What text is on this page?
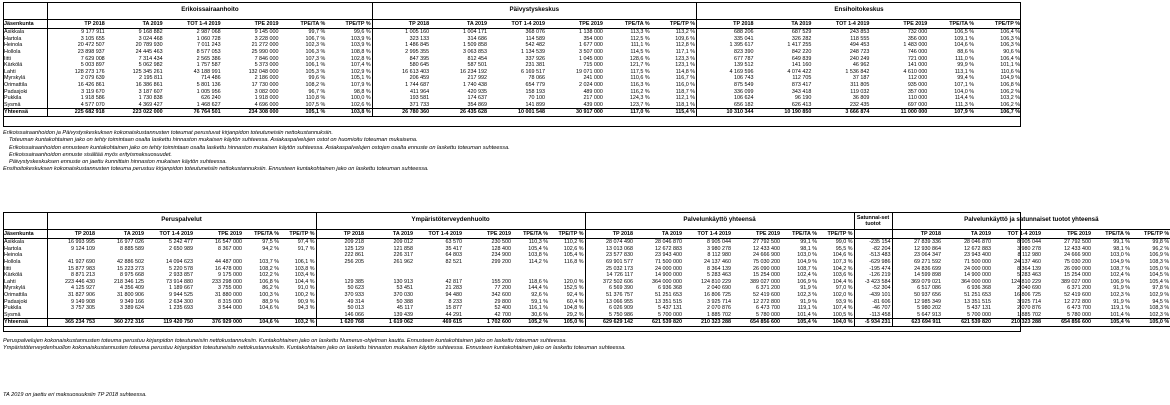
	Erikoissairaanhoito						Päivystyskeskus						Ensihoitokeskus					
Jäsenkunta	TP 2018	TA 2019	TOT 1-4 2019	TPE 2019	TPE/TA %	TPE/TP %	TP 2018	TA 2019	TOT 1-4 2019	TPE 2019	TPE/TA %	TPE/TP %	TP 2018	TA 2019	TOT 1-4 2019	TPE 2019	TPE/TA %	TPE/TP %
Asikkala	9 177 911	9 168 882	2 987 068	9 145 000	99,7 %	99,6 %	1 005 160	1 004 171	368 076	1 138 000	113,3 %	113,2 %	688 206	687 529	243 853	732 000	106,5 %	106,4 %
Hartola	3 105 655	3 024 468	1 060 728	3 228 000	106,7 %	103,9 %	323 133	314 686	114 589	354 000	112,5 %	109,6 %	335 041	326 282	118 555	356 000	109,1 %	106,3 %
Heinola	20 472 507	20 789 930	7 011 243	21 272 000	102,3 %	103,9 %	1 486 845	1 509 858	542 482	1 677 000	111,1 %	112,8 %	1 395 617	1 417 255	494 453	1 483 000	104,6 %	106,3 %
Hollola	23 898 937	24 445 463	8 577 053	25 990 000	106,3 %	108,8 %	2 995 355	3 063 853	1 134 539	3 507 000	114,5 %	117,1 %	823 390	842 220	248 723	746 000	88,6 %	90,6 %
Iitti	7 629 008	7 314 434	2 565 386	7 846 000	107,3 %	102,8 %	847 395	812 454	337 926	1 045 000	128,6 %	123,3 %	677 787	649 839	240 249	721 000	111,0 %	106,4 %
Kärkölä	5 003 897	5 062 982	1 757 587	5 373 000	106,1 %	107,4 %	580 645	587 501	231 381	715 000	121,7 %	123,1 %	139 512	141 160	46 962	141 000	99,9 %	101,1 %
Lahti	128 273 176	125 345 261	43 188 991	132 048 000	105,3 %	102,9 %	16 613 403	16 234 192	6 169 517	19 071 000	117,5 %	114,8 %	4 169 596	4 074 422	1 536 842	4 610 000	113,1 %	110,6 %
Myrskylä	2 079 639	2 195 811	714 486	2 186 000	99,6 %	105,1 %	206 459	217 992	78 066	241 000	110,6 %	116,7 %	106 743	112 705	37 187	112 000	99,4 %	104,9 %
Orimattila	16 426 861	16 386 861	5 801 136	17 730 000	108,2 %	107,9 %	1 744 687	1 740 438	654 779	2 024 000	116,3 %	116,0 %	875 549	873 417	311 805	935 000	107,1 %	106,8 %
Padasjoki	3 119 670	3 187 607	1 005 956	3 082 000	96,7 %	98,8 %	411 964	420 935	158 193	489 000	116,2 %	118,7 %	336 099	343 418	119 032	357 000	104,0 %	106,2 %
Pukkila	1 918 586	1 730 838	626 240	1 918 000	110,8 %	100,0 %	193 581	174 637	70 100	217 000	124,3 %	112,1 %	106 624	96 190	36 809	110 000	114,4 %	103,2 %
Sysmä	4 577 070	4 369 427	1 468 627	4 696 000	107,5 %	102,6 %	371 733	354 869	141 899	439 000	123,7 %	118,1 %	656 182	626 413	232 435	697 000	111,3 %	106,2 %
Yhteensä	225 682 918	223 022 000	76 764 501	234 308 000	105,1 %	103,8 %	26 780 360	26 435 628	10 001 548	30 917 000	117,0 %	115,4 %	10 310 344	10 190 850	3 666 874	11 000 000	107,9 %	106,7 %
Erikoissairaanhoidon ja Päivystyskeskuksen kokonaiskustannusten toteumat perustuvat kirjanpidon toteutuneisiin nettokustannuksiin.
Toteuman kuntakohtainen jako on tehty toimintaan osalta laskettu hinnaston mukaisen käytön suhteessa. Asiakaspalvelujen ostot on huomioitu toteuman mukaisena.
Erikoissairaanhoidon ennusteen kuntakohtainen jako on tehty toimintaan osalta laskettu hinnaston mukaisen käytön suhteessa. Asiakaspalvelujen ostojen osalta ennuste on laskettu toteuman suhteessa.
Erikoissairaanhoidon ennuste sisältää myös erityismaksuosuudet.
Päivystyskeskuksen ennuste on jaettu kunnittain hinnaston mukaisen käytön suhteessa.
Ensihoitokeskuksen kokonaiskustannusten toteuma perustuu kirjanpidon toteutuneisiin nettokustannuksiin. Ennusteen kuntakohtainen jako on laskettu toteuman suhteessa.
	Peruspalvelut						Ympäristöterveydenhuolto						Palvelunkäyttö yhteensä						Satunnai-set tuotot	Palvelunkäyttö ja satunnaiset tuotot yhteensä					
Jäsenkunta	TP 2018	TA 2019	TOT 1-4 2019	TPE 2019	TPE/TA %	TPE/TP %	TP 2018	TA 2019	TOT 1-4 2019	TPE 2019	TPE/TA %	TPE/TP %	TP 2018	TA 2019	TOT 1-4 2019	TPE 2019	TPE/TA %	TPE/TP %		TP 2018	TA 2019	TOT 1-4 2019	TPE 2019	TPE/TA %	TPE/TP %
Asikkala	16 993 995	16 977 026	5 242 477	16 547 000	97,5 %	97,4 %	209 218	209 012	63 570	230 500	110,3 %	110,2 %	28 074 490	28 046 870	8 905 044	27 792 500	99,1 %	99,0 %	-235 154	27 839 336	28 046 870	8 905 044	27 792 500	99,1 %	99,8 %
Hartola	9 124 109	8 885 589	2 650 989	8 367 000	94,2 %	91,7 %	125 129	121 858	35 417	128 400	105,4 %	102,6 %	13 013 068	12 672 883	3 980 278	12 433 400	98,1 %	95,5 %	-82 204	12 930 864	12 672 883	3 980 278	12 433 400	98,1 %	96,2 %
Heinola							222 861	226 317	64 803	234 900	103,8 %	105,4 %	23 577 830	23 943 400	8 112 980	24 666 900	103,0 %	104,6 %	-513 483	23 064 347	23 943 400	8 112 980	24 666 900	103,0 %	106,9 %
Hollola	41 927 690	42 886 502	14 094 623	44 487 000	103,7 %	106,1 %	256 205	261 962	82 521	299 200	114,2 %	116,8 %	69 901 577	71 500 000	24 137 460	75 030 200	104,9 %	107,3 %	-629 986	69 271 592	71 500 000	24 137 460	75 030 200	104,9 %	108,3 %
Iitti	15 877 983	15 223 273	5 220 578	16 478 000	108,2 %	103,8 %							25 032 173	24 000 000	8 364 139	26 090 000	108,7 %	104,2 %	-195 474	24 836 699	24 000 000	8 364 139	26 090 000	108,7 %	105,0 %
Kärkölä	8 871 213	8 975 668	2 933 857	9 175 000	102,2 %	103,4 %							14 726 117	14 900 000	5 283 463	15 254 000	102,4 %	103,6 %	-126 219	14 599 898	14 900 000	5 283 463	15 254 000	102,4 %	104,5 %
Lahti	223 446 430	218 346 125	73 914 880	233 298 000	106,8 %	104,4 %	129 385	130 913	42 817	155 200	118,6 %	120,0 %	372 502 606	364 000 000	124 810 229	389 027 000	106,9 %	104,4 %	-3 423 584	369 079 021	364 000 000	124 810 229	389 027 000	106,9 %	105,4 %
Myrskylä	4 125 927	4 356 409	1 189 667	3 755 000	86,2 %	91,0 %	50 623	53 451	21 283	77 200	144,4 %	152,5 %	6 569 390	6 936 368	2 040 690	6 371 200	91,9 %	97,0 %	-52 304	6 517 086	6 936 368	2 040 690	6 371 200	91,9 %	97,8 %
Orimattila	31 827 906	31 800 906	9 944 525	31 880 000	100,3 %	100,2 %	370 933	370 030	94 480	342 600	92,6 %	92,4 %	51 376 757	51 251 653	16 806 725	52 419 600	102,3 %	102,0 %	-439 101	50 937 656	51 251 653	16 806 725	52 419 600	102,3 %	102,9 %
Padasjoki	9 149 908	9 349 166	2 634 300	8 315 000	88,9 %	90,9 %	49 314	50 388	8 233	29 800	59,1 %	60,4 %	13 066 955	13 351 515	3 925 714	12 272 800	91,9 %	93,9 %	-81 606	12 985 349	13 351 515	3 925 714	12 272 800	91,9 %	94,5 %
Pukkila	3 757 305	3 389 624	1 235 693	3 544 000	104,6 %	94,3 %	50 013	45 117	15 877	52 400	116,1 %	104,8 %	6 026 909	5 437 131	2 070 876	6 473 700	119,1 %	107,4 %	-46 707	5 980 202	5 437 131	2 070 876	6 473 700	119,1 %	108,3 %
Sysmä							146 066	139 439	44 291	42 700	30,6 %	29,2 %	5 750 986	5 700 000	1 885 702	5 780 000	101,4 %	100,5 %	-113 458	5 647 913	5 700 000	1 885 702	5 780 000	101,4 %	102,3 %
Yhteensä	365 234 753	360 272 316	119 420 750	376 929 000	104,6 %	103,2 %	1 620 768	1 619 062	469 615	1 702 600	105,2 %	105,0 %	629 629 142	621 539 820	210 323 288	654 856 600	105,4 %	104,0 %	-5 934 231	623 694 911	621 539 820	210 323 288	654 856 600	105,4 %	105,0 %
Peruspalvelujen kokonaiskustannusten toteuma perustuu kirjanpidon toteutuneisiin nettokustannuksiin. Kuntakohtainen jako on laskettu Numerus-ohjelman kautta. Ennusteen kuntakohtainen jako on laskettu toteuman suhteessa.
Ympäristöterveydenhuollon kokonaiskustannusten toteuma perustuu kirjanpidon toteutuneisiin nettokustannuksiin. Kuntakohtainen jako on laskettu hinnaston mukaisen käytön suhteessa. Ennusteen kuntakohtainen jako on laskettu toteuman suhteessa.
TA 2019 on jaettu eri maksuosuuksiin TP 2018 suhteessa.
